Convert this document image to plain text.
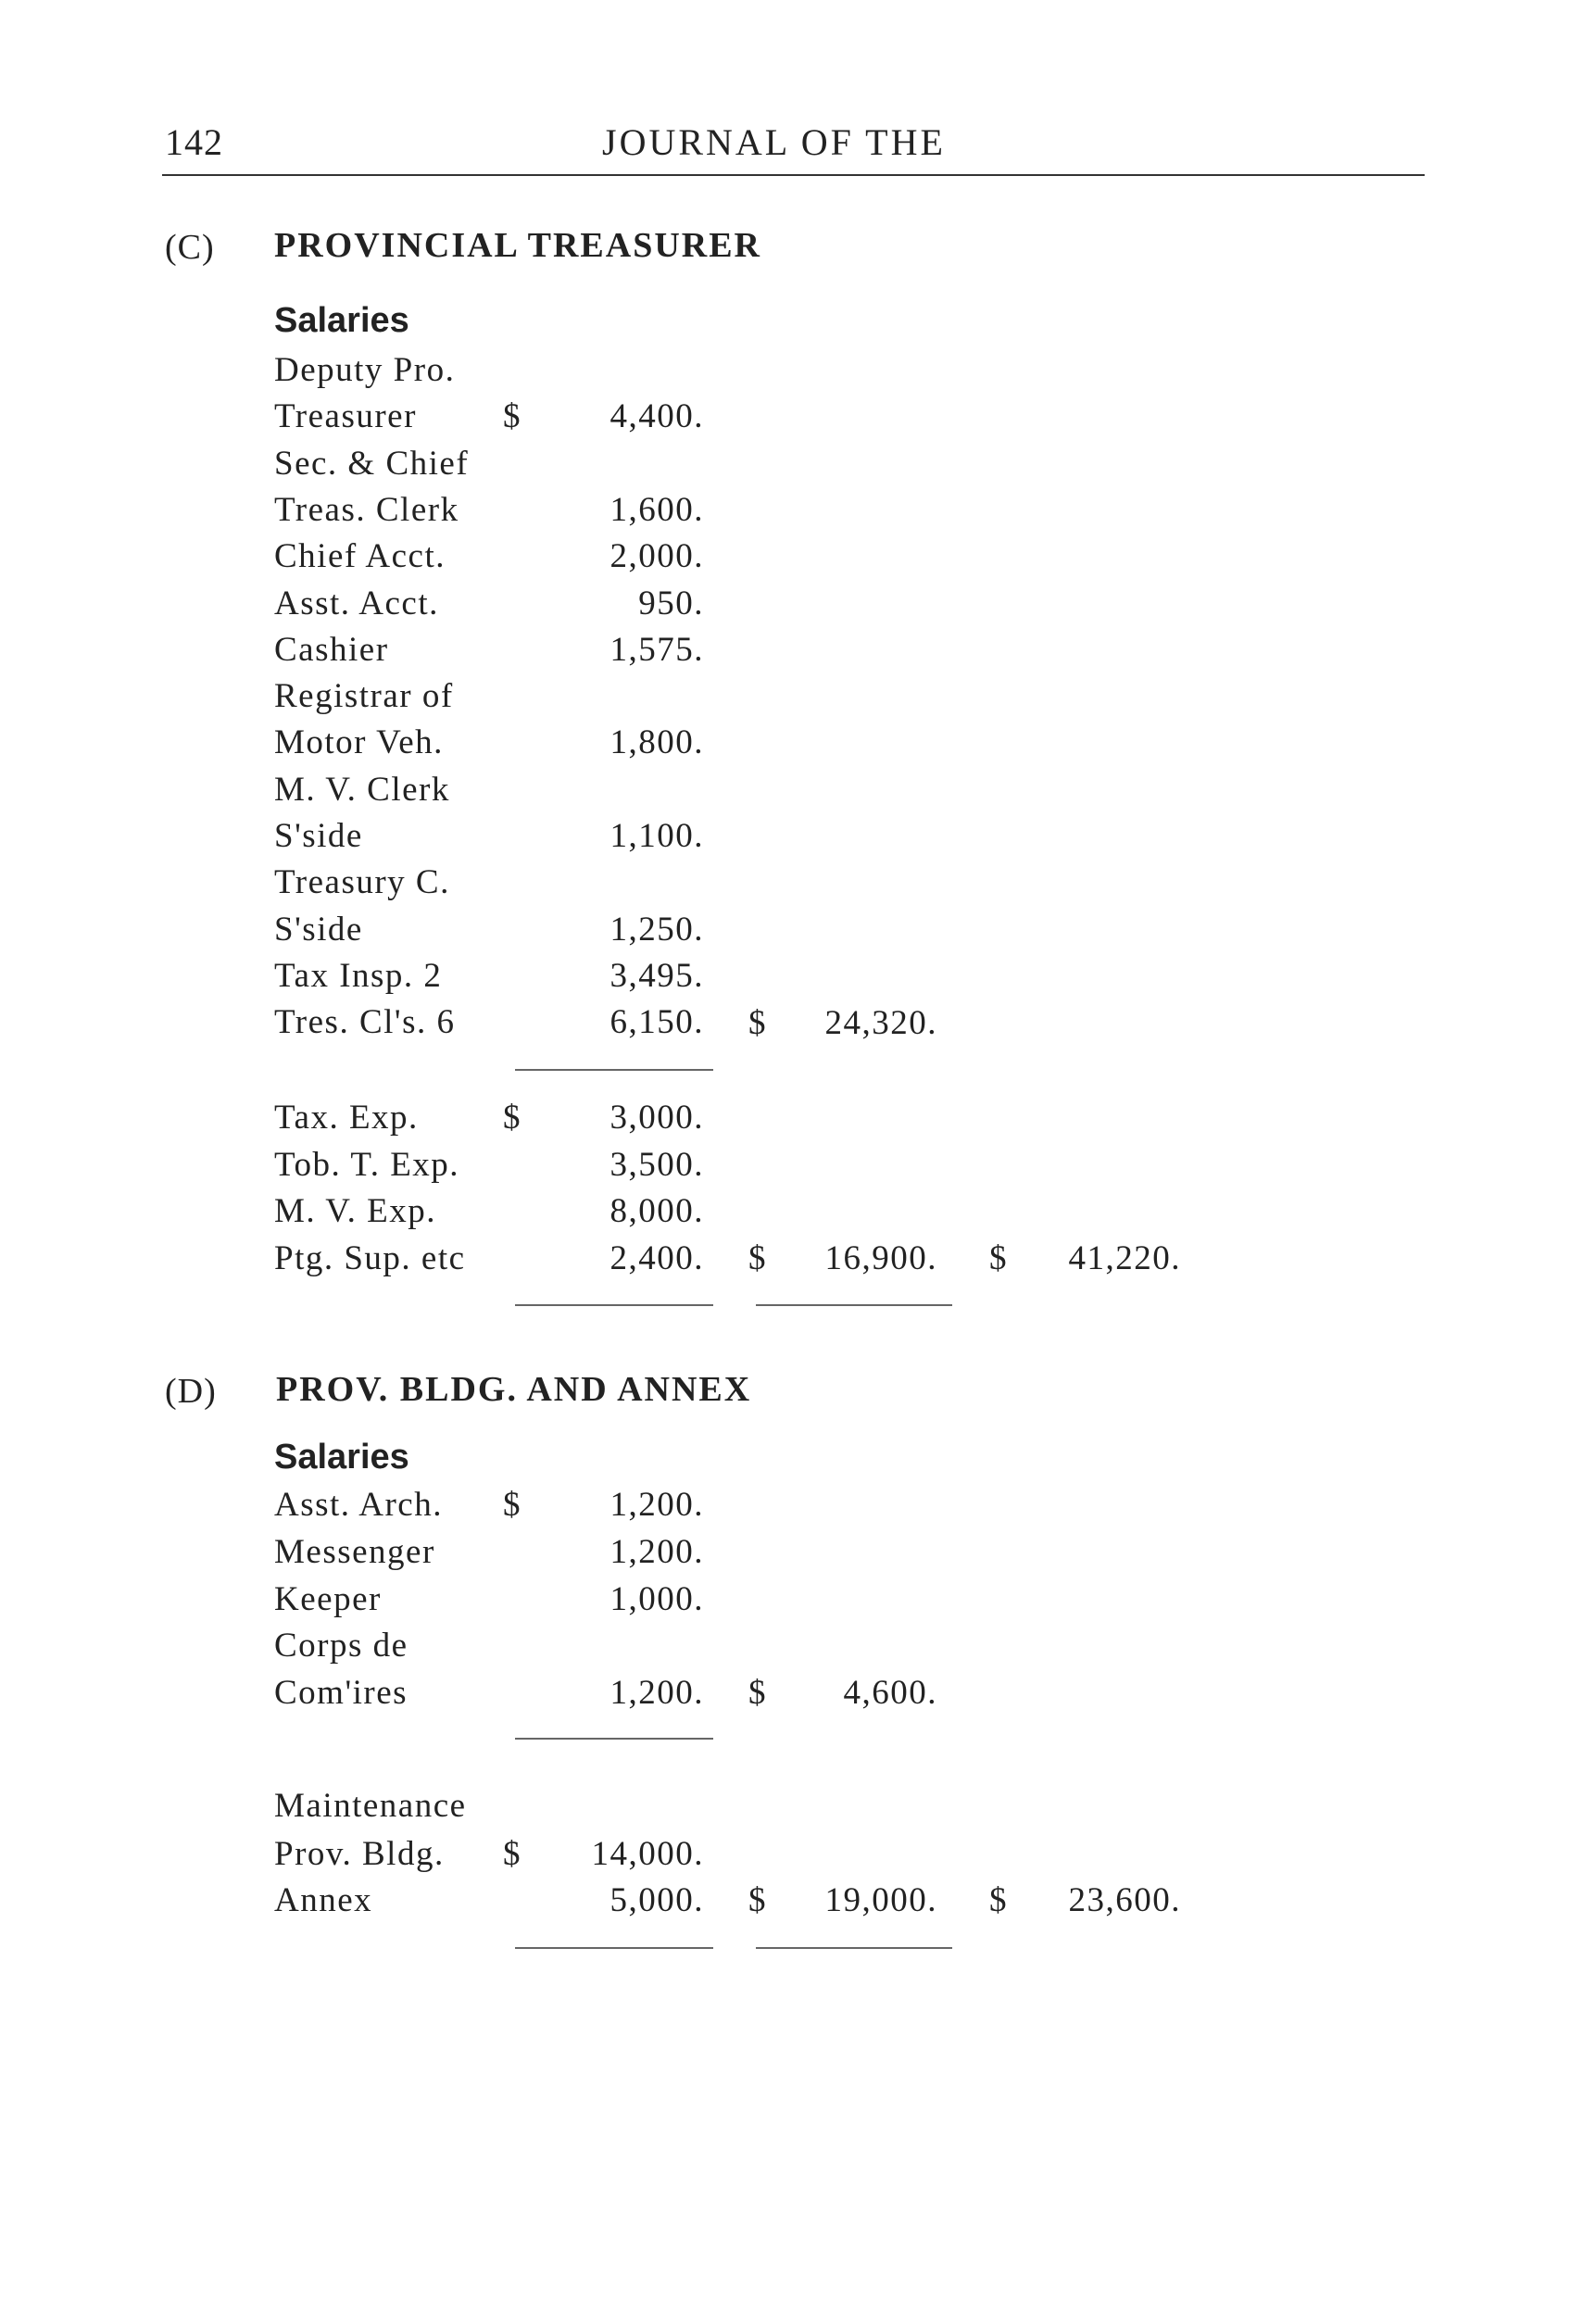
142	JOURNAL OF THE
(C) PROVINCIAL TREASURER
Salaries
Deputy Pro.
Treasurer	$	4,400.
Sec. & Chief
Treas. Clerk	1,600.
Chief Acct.	2,000.
Asst. Acct.	950.
Cashier	1,575.
Registrar of
Motor Veh.	1,800.
M. V. Clerk
S'side	1,100.
Treasury C.
S'side	1,250.
Tax Insp. 2	3,495.
Tres. Cl's. 6	6,150. $	24,320.
Tax. Exp. $	3,000.
Tob. T. Exp.	3,500.
M. V. Exp.	8,000.
Ptg. Sup. etc	2,400. $	16,900. $	41,220.
(D) PROV. BLDG. AND ANNEX
Salaries
Asst. Arch. $	1,200.
Messenger	1,200.
Keeper	1,000.
Corps de
Com'ires	1,200. $	4,600.
Maintenance
Prov. Bldg. $	14,000.
Annex	5,000. $	19,000. $	23,600.
